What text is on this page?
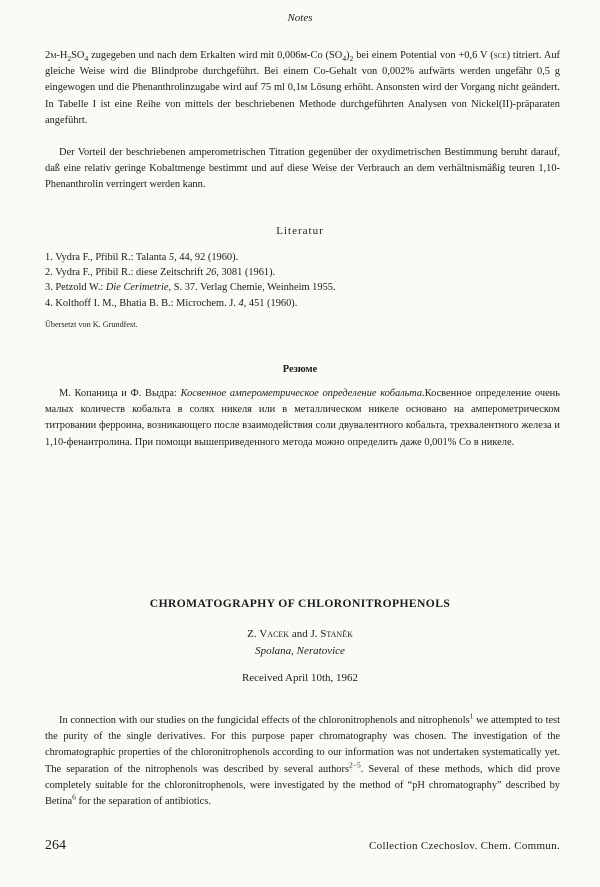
Notes
$2м-H_2SO_4$ zugegeben und nach dem Erkalten wird mit 0,006м-Co $(SO_4)_2$ bei einem Potential von +0,6 V (sce) titriert. Auf gleiche Weise wird die Blindprobe durchgeführt. Bei einem Co-Gehalt von 0,002% aufwärts werden ungefähr 0,5 g eingewogen und die Phenanthrolinzugabe wird auf 75 ml 0,1м Lösung erhöht. Ansonsten wird der Vorgang nicht geändert. In Tabelle I ist eine Reihe von mittels der beschriebenen Methode durchgeführten Analysen von Nickel(II)-präparaten angeführt.
Der Vorteil der beschriebenen amperometrischen Titration gegenüber der oxydimetrischen Bestimmung beruht darauf, daß eine relativ geringe Kobaltmenge bestimmt und auf diese Weise der Verbrauch an dem verhältnismäßig teuren 1,10-Phenanthrolin verringert werden kann.
Literatur
1. Vydra F., Přibil R.: Talanta 5, 44, 92 (1960).
2. Vydra F., Přibil R.: diese Zeitschrift 26, 3081 (1961).
3. Petzold W.: Die Cerimetrie, S. 37. Verlag Chemie, Weinheim 1955.
4. Kolthoff I. M., Bhatia B. B.: Microchem. J. 4, 451 (1960).
Übersetzt von K. Grundfest.
Резюме
М. Копаница и Ф. Выдра: Косвенное амперометрическое определение кобальта.Косвенное определение очень малых количеств кобальта в солях никеля или в металлическом никеле основано на амперометрическом титровании ферроина, возникающего после взаимодействия соли двувалентного кобальта, трехвалентного железа и 1,10-фенантролина. При помощи вышеприведенного метода можно определить даже 0,001% Co в никеле.
CHROMATOGRAPHY OF CHLORONITROPHENOLS
Z. Vacek and J. Staněk
Spolana, Neratovice
Received April 10th, 1962
In connection with our studies on the fungicidal effects of the chloronitrophenols and nitrophenols$^1$ we attempted to test the purity of the single derivatives. For this purpose paper chromatography was chosen. The investigation of the chromatographic properties of the chloronitrophenols according to our information was not undertaken systematically yet. The separation of the nitrophenols was described by several authors$^{2-5}$. Several of these methods, which did prove completely suitable for the chloronitrophenols, were investigated by the method of “pH chromatography” described by Betina$^6$ for the separation of antibiotics.
264	Collection Czechoslov. Chem. Commun.
